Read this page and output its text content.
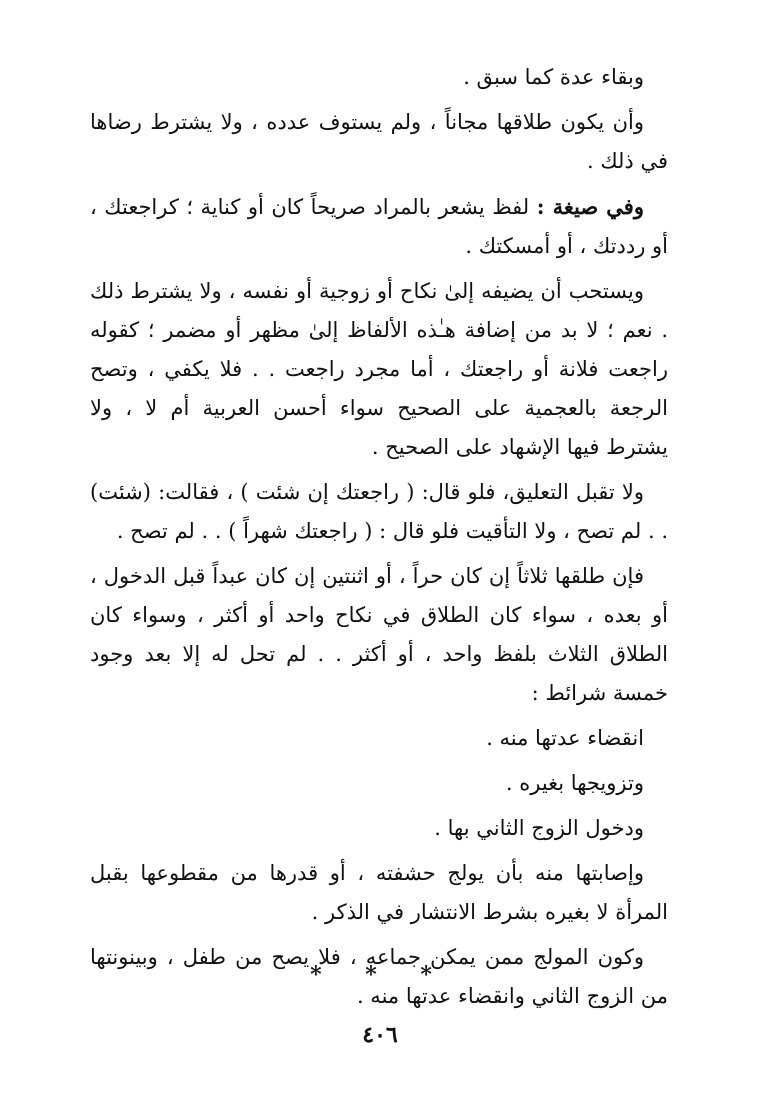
وبقاء عدة كما سبق .

وأن يكون طلاقها مجاناً ، ولم يستوف عدده ، ولا يشترط رضاها في ذلك .

وفي صيغة : لفظ يشعر بالمراد صريحاً كان أو كناية ؛ كراجعتك ، أو رددتك ، أو أمسكتك .

ويستحب أن يضيفه إلىٰ نكاح أو زوجية أو نفسه ، ولا يشترط ذلك . نعم ؛ لا بد من إضافة هـٰذه الألفاظ إلىٰ مظهر أو مضمر ؛ كقوله راجعت فلانة أو راجعتك ، أما مجرد راجعت . . فلا يكفي ، وتصح الرجعة بالعجمية على الصحيح سواء أحسن العربية أم لا ، ولا يشترط فيها الإشهاد على الصحيح .

ولا تقبل التعليق، فلو قال: ( راجعتك إن شئت ) ، فقالت: (شئت) . . لم تصح ، ولا التأقيت فلو قال : ( راجعتك شهراً ) . . لم تصح .

فإن طلقها ثلاثاً إن كان حراً ، أو اثنتين إن كان عبداً قبل الدخول ، أو بعده ، سواء كان الطلاق في نكاح واحد أو أكثر ، وسواء كان الطلاق الثلاث بلفظ واحد ، أو أكثر . . لم تحل له إلا بعد وجود خمسة شرائط :

انقضاء عدتها منه .

وتزويجها بغيره .

ودخول الزوج الثاني بها .

وإصابتها منه بأن يولج حشفته ، أو قدرها من مقطوعها بقبل المرأة لا بغيره بشرط الانتشار في الذكر .

وكون المولج ممن يمكن جماعه ، فلا يصح من طفل ، وبينونتها من الزوج الثاني وانقضاء عدتها منه .

* * *
٤٠٦
